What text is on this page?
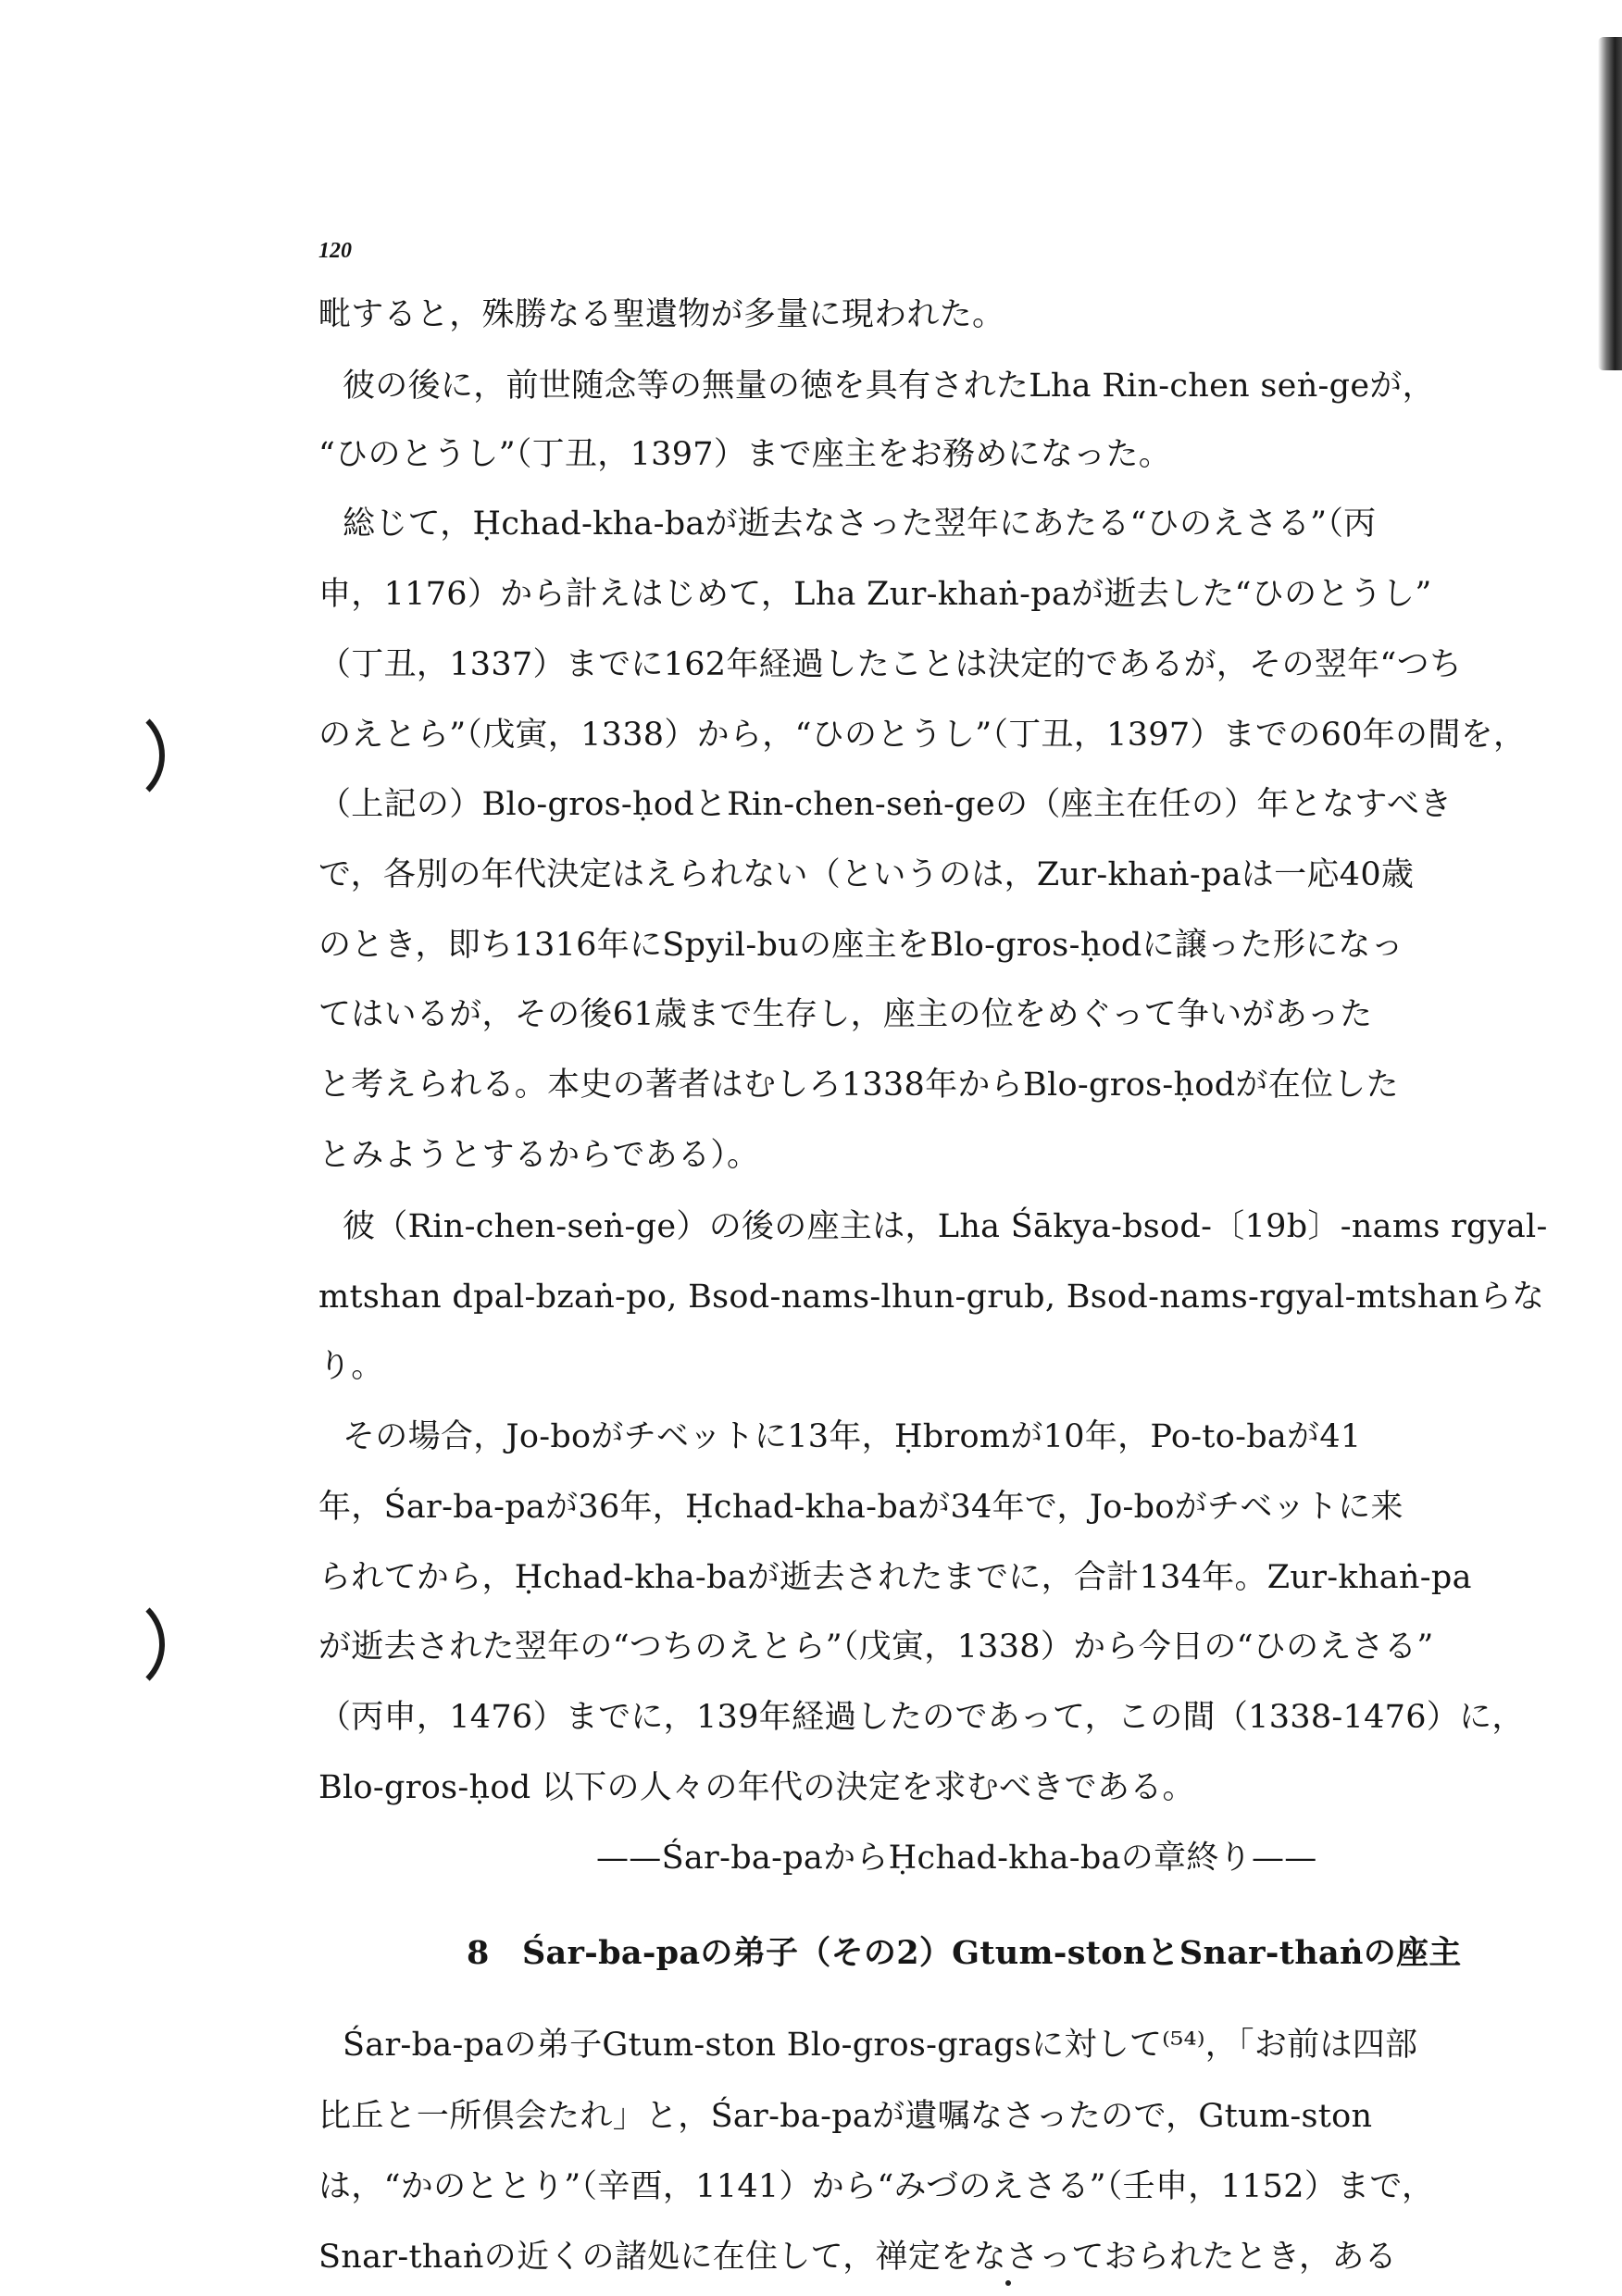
120
毗すると，殊勝なる聖遺物が多量に現われた。
彼の後に，前世随念等の無量の徳を具有されたLha Rin-chen seṅ-geが，
“ひのとうし”（丁丑，1397）まで座主をお務めになった。
総じて，Ḥchad-kha-baが逝去なさった翌年にあたる“ひのえさる”（丙
申，1176）から計えはじめて，Lha Zur-khaṅ-paが逝去した“ひのとうし”
（丁丑，1337）までに162年経過したことは決定的であるが，その翌年“つち
のえとら”（戊寅，1338）から，“ひのとうし”（丁丑，1397）までの60年の間を，
（上記の）Blo-gros-ḥodとRin-chen-seṅ-geの（座主在任の）年となすべき
で，各別の年代決定はえられない（というのは，Zur-khaṅ-paは一応40歳
のとき，即ち1316年にSpyil-buの座主をBlo-gros-ḥodに譲った形になっ
てはいるが，その後61歳まで生存し，座主の位をめぐって争いがあった
と考えられる。本史の著者はむしろ1338年からBlo-gros-ḥodが在位した
とみようとするからである）。
彼（Rin-chen-seṅ-ge）の後の座主は，Lha Śākya-bsod-〔19b〕-nams rgyal-
mtshan dpal-bzaṅ-po, Bsod-nams-lhun-grub, Bsod-nams-rgyal-mtshanらな
り。
その場合，Jo-boがチベットに13年，Ḥbromが10年，Po-to-baが41
年，Śar-ba-paが36年，Ḥchad-kha-baが34年で，Jo-boがチベットに来
られてから，Ḥchad-kha-baが逝去されたまでに，合計134年。Zur-khaṅ-pa
が逝去された翌年の“つちのえとら”（戊寅，1338）から今日の“ひのえさる”
（丙申，1476）までに，139年経過したのであって，この間（1338-1476）に，
Blo-gros-ḥod 以下の人々の年代の決定を求むべきである。
——Śar-ba-paからḤchad-kha-baの章終り——
8　Śar-ba-paの弟子（その2）Gtum-stonとSnar-thaṅの座主
Śar-ba-paの弟子Gtum-ston Blo-gros-gragsに対して⁽⁵⁴⁾，「お前は四部
比丘と一所倶会たれ」と，Śar-ba-paが遺嘱なさったので，Gtum-ston
は，“かのととり”（辛酉，1141）から“みづのえさる”（壬申，1152）まで，
Snar-thaṅの近くの諸処に在住して，禅定をなさっておられたとき，ある
